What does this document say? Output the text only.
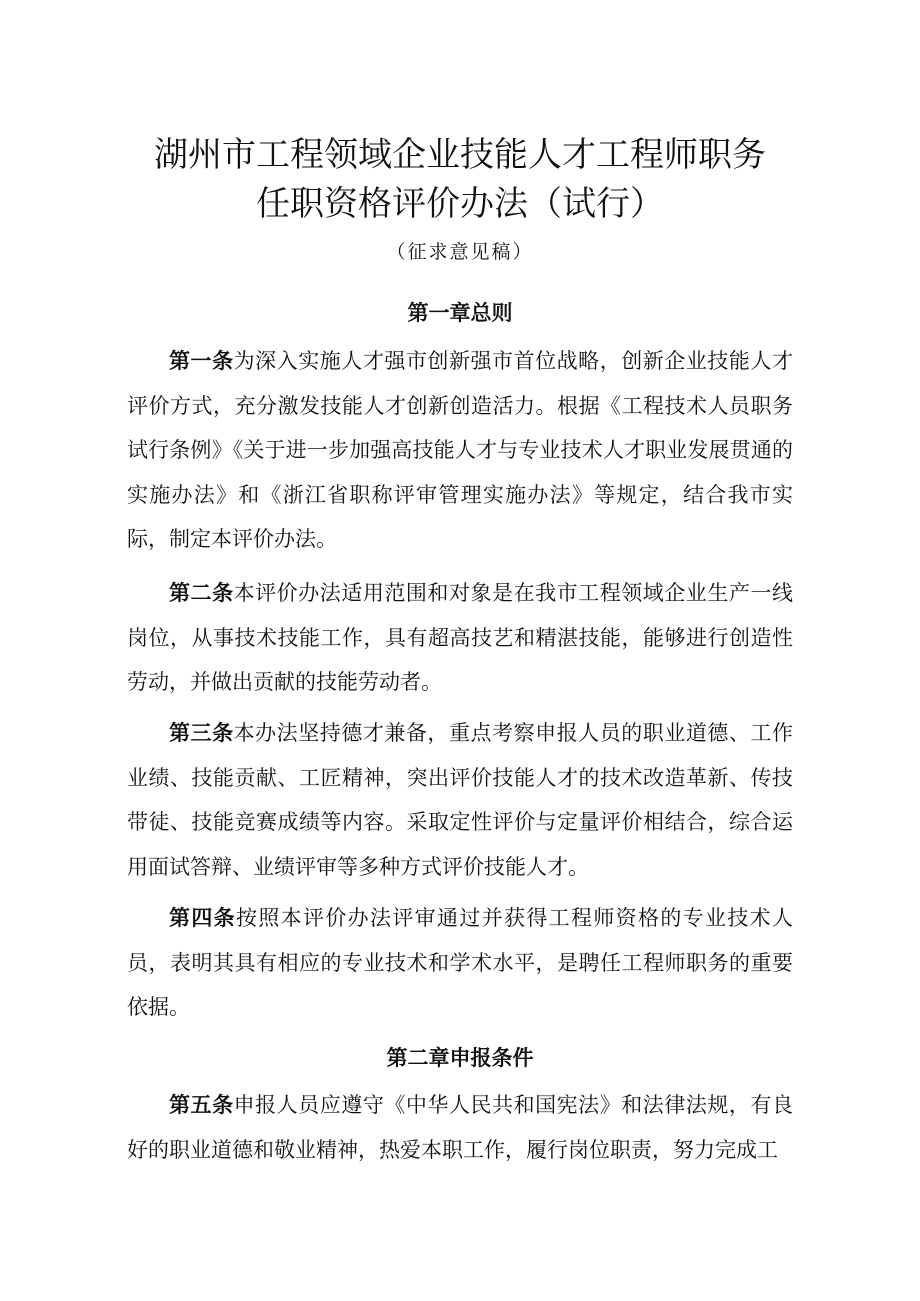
湖州市工程领域企业技能人才工程师职务
任职资格评价办法（试行）

（征求意见稿）

第一章总则

第一条为深入实施人才强市创新强市首位战略，创新企业技能人才评价方式，充分激发技能人才创新创造活力。根据《工程技术人员职务试行条例》《关于进一步加强高技能人才与专业技术人才职业发展贯通的实施办法》和《浙江省职称评审管理实施办法》等规定，结合我市实际，制定本评价办法。

第二条本评价办法适用范围和对象是在我市工程领域企业生产一线岗位，从事技术技能工作，具有超高技艺和精湛技能，能够进行创造性劳动，并做出贡献的技能劳动者。

第三条本办法坚持德才兼备，重点考察申报人员的职业道德、工作业绩、技能贡献、工匠精神，突出评价技能人才的技术改造革新、传技带徒、技能竞赛成绩等内容。采取定性评价与定量评价相结合，综合运用面试答辩、业绩评审等多种方式评价技能人才。

第四条按照本评价办法评审通过并获得工程师资格的专业技术人员，表明其具有相应的专业技术和学术水平，是聘任工程师职务的重要依据。

第二章申报条件

第五条申报人员应遵守《中华人民共和国宪法》和法律法规，有良好的职业道德和敬业精神，热爱本职工作，履行岗位职责，努力完成工
